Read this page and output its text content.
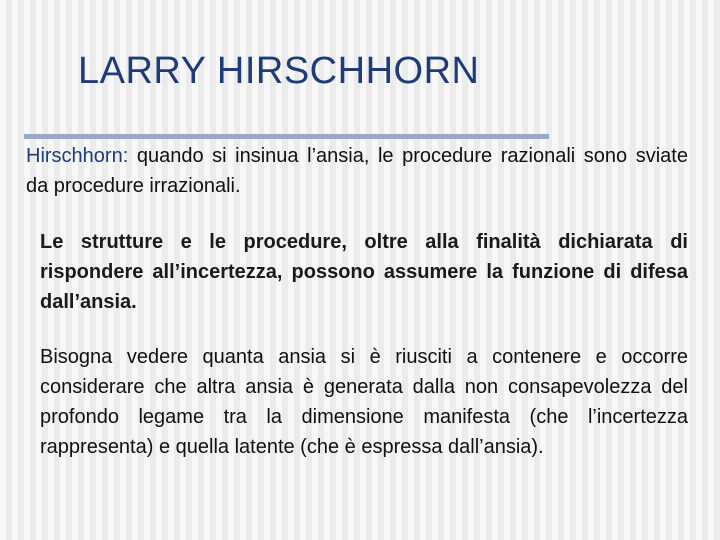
LARRY HIRSCHHORN

Hirschhorn: quando si insinua l’ansia, le procedure razionali sono sviate da procedure irrazionali.

Le strutture e le procedure, oltre alla finalità dichiarata di rispondere all’incertezza, possono assumere la funzione di difesa dall’ansia.

Bisogna vedere quanta ansia si è riusciti a contenere e occorre considerare che altra ansia è generata dalla non consapevolezza del profondo legame tra la dimensione manifesta (che l’incertezza rappresenta) e quella latente (che è espressa dall’ansia).
